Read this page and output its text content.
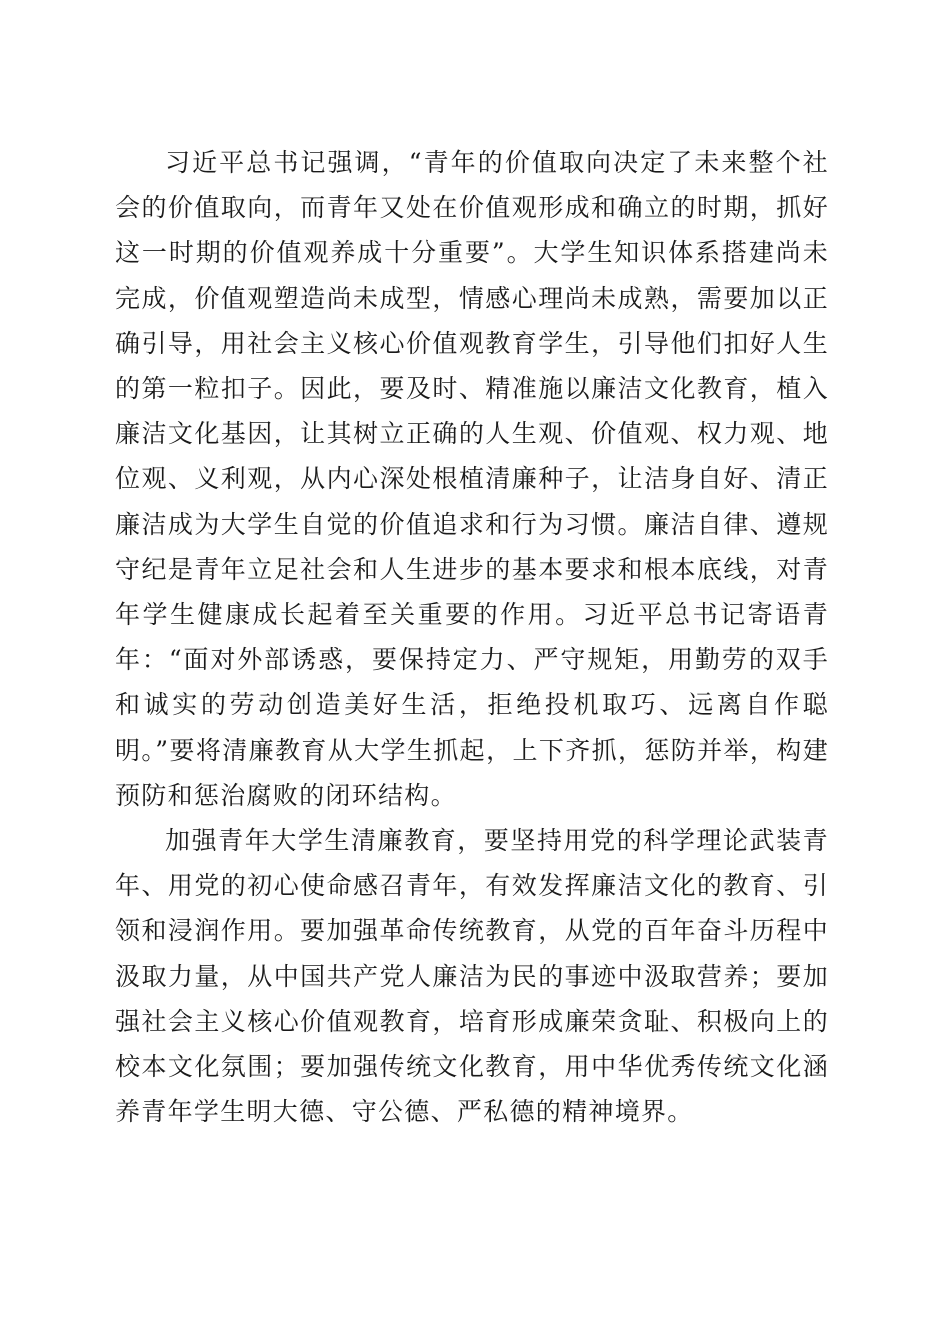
习近平总书记强调，“青年的价值取向决定了未来整个社会的价值取向，而青年又处在价值观形成和确立的时期，抓好这一时期的价值观养成十分重要”。大学生知识体系搭建尚未完成，价值观塑造尚未成型，情感心理尚未成熟，需要加以正确引导，用社会主义核心价值观教育学生，引导他们扣好人生的第一粒扣子。因此，要及时、精准施以廉洁文化教育，植入廉洁文化基因，让其树立正确的人生观、价值观、权力观、地位观、义利观，从内心深处根植清廉种子，让洁身自好、清正廉洁成为大学生自觉的价值追求和行为习惯。廉洁自律、遵规守纪是青年立足社会和人生进步的基本要求和根本底线，对青年学生健康成长起着至关重要的作用。习近平总书记寄语青年：“面对外部诱惑，要保持定力、严守规矩，用勤劳的双手和诚实的劳动创造美好生活，拒绝投机取巧、远离自作聪明。”要将清廉教育从大学生抓起，上下齐抓，惩防并举，构建预防和惩治腐败的闭环结构。

加强青年大学生清廉教育，要坚持用党的科学理论武装青年、用党的初心使命感召青年，有效发挥廉洁文化的教育、引领和浸润作用。要加强革命传统教育，从党的百年奋斗历程中汲取力量，从中国共产党人廉洁为民的事迹中汲取营养；要加强社会主义核心价值观教育，培育形成廉荣贪耻、积极向上的校本文化氛围；要加强传统文化教育，用中华优秀传统文化涵养青年学生明大德、守公德、严私德的精神境界。
